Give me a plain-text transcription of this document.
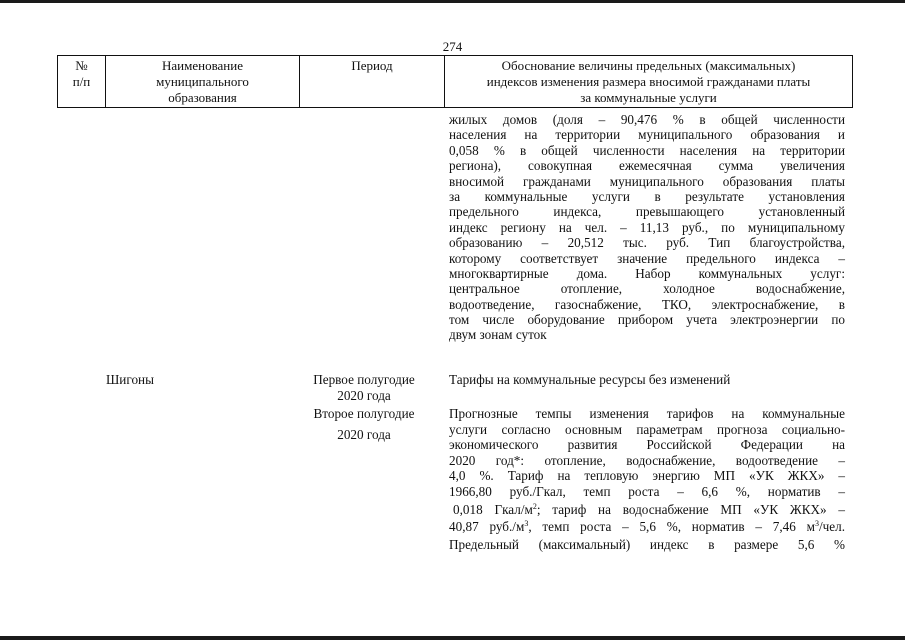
274
№
п/п
Наименование
муниципального
образования
Период	Обоснование величины предельных (максимальных)
индексов изменения размера вносимой гражданами платы
за коммунальные услуги
жилых домов (доля – 90,476 % в общей численности
населения на территории муниципального образования и
0,058 % в общей численности населения на территории
региона), совокупная ежемесячная сумма увеличения
вносимой гражданами муниципального образования платы
за коммунальные услуги в результате установления
предельного индекса, превышающего установленный
индекс региону на чел. – 11,13 руб., по муниципальному
образованию – 20,512 тыс. руб. Тип благоустройства,
которому соответствует значение предельного индекса –
многоквартирные дома. Набор коммунальных услуг:
центральное отопление, холодное водоснабжение,
водоотведение, газоснабжение, ТКО, электроснабжение, в
том числе оборудование прибором учета электроэнергии по
двум зонам суток
Шигоны	Первое полугодие
2020 года
Тарифы на коммунальные ресурсы без изменений
Второе полугодие
2020 года
Прогнозные темпы изменения тарифов на коммунальные
услуги согласно основным параметрам прогноза социально-
экономического развития Российской Федерации на
2020 год*: отопление, водоснабжение, водоотведение –
4,0 %. Тариф на тепловую энергию МП «УК ЖКХ» –
1966,80 руб./Гкал, темп роста – 6,6 %, норматив –
0,018 Гкал/$м^2$; тариф на водоснабжение МП «УК ЖКХ» –
40,87 $руб./м^3$, темп роста – 5,6 %, норматив – 7,46 $м^3$/чел.
Предельный (максимальный) индекс в размере 5,6 %
